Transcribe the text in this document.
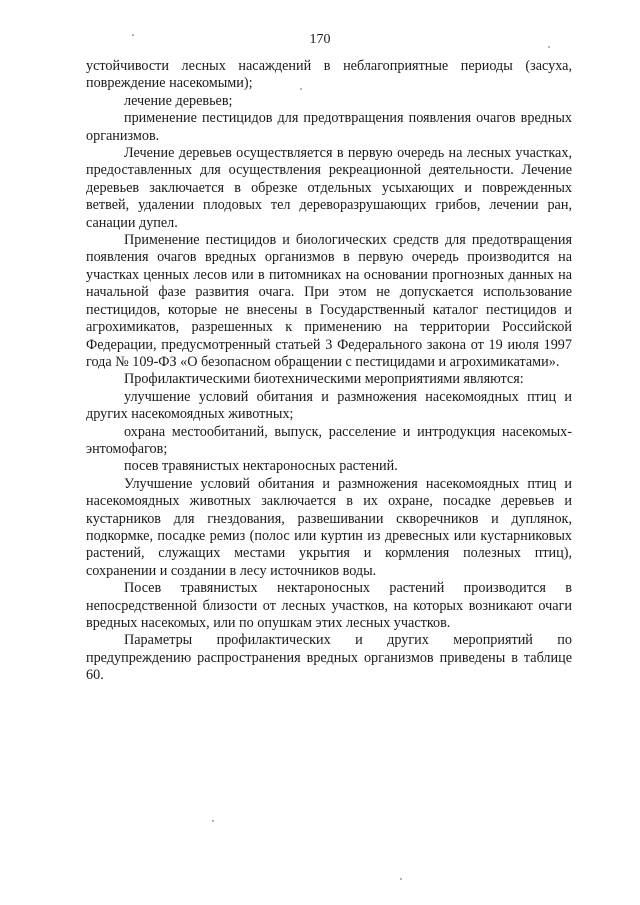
170

устойчивости лесных насаждений в неблагоприятные периоды (засуха, повреждение насекомыми);

лечение деревьев;

применение пестицидов для предотвращения появления очагов вредных организмов.

Лечение деревьев осуществляется в первую очередь на лесных участках, предоставленных для осуществления рекреационной деятельности. Лечение деревьев заключается в обрезке отдельных усыхающих и поврежденных ветвей, удалении плодовых тел дереворазрушающих грибов, лечении ран, санации дупел.

Применение пестицидов и биологических средств для предотвращения появления очагов вредных организмов в первую очередь производится на участках ценных лесов или в питомниках на основании прогнозных данных на начальной фазе развития очага. При этом не допускается использование пестицидов, которые не внесены в Государственный каталог пестицидов и агрохимикатов, разрешенных к применению на территории Российской Федерации, предусмотренный статьей 3 Федерального закона от 19 июля 1997 года № 109-ФЗ «О безопасном обращении с пестицидами и агрохимикатами».

Профилактическими биотехническими мероприятиями являются:

улучшение условий обитания и размножения насекомоядных птиц и других насекомоядных животных;

охрана местообитаний, выпуск, расселение и интродукция насекомых-энтомофагов;

посев травянистых нектароносных растений.

Улучшение условий обитания и размножения насекомоядных птиц и насекомоядных животных заключается в их охране, посадке деревьев и кустарников для гнездования, развешивании скворечников и дуплянок, подкормке, посадке ремиз (полос или куртин из древесных или кустарниковых растений, служащих местами укрытия и кормления полезных птиц), сохранении и создании в лесу источников воды.

Посев травянистых нектароносных растений производится в непосредственной близости от лесных участков, на которых возникают очаги вредных насекомых, или по опушкам этих лесных участков.

Параметры профилактических и других мероприятий по предупреждению распространения вредных организмов приведены в таблице 60.
